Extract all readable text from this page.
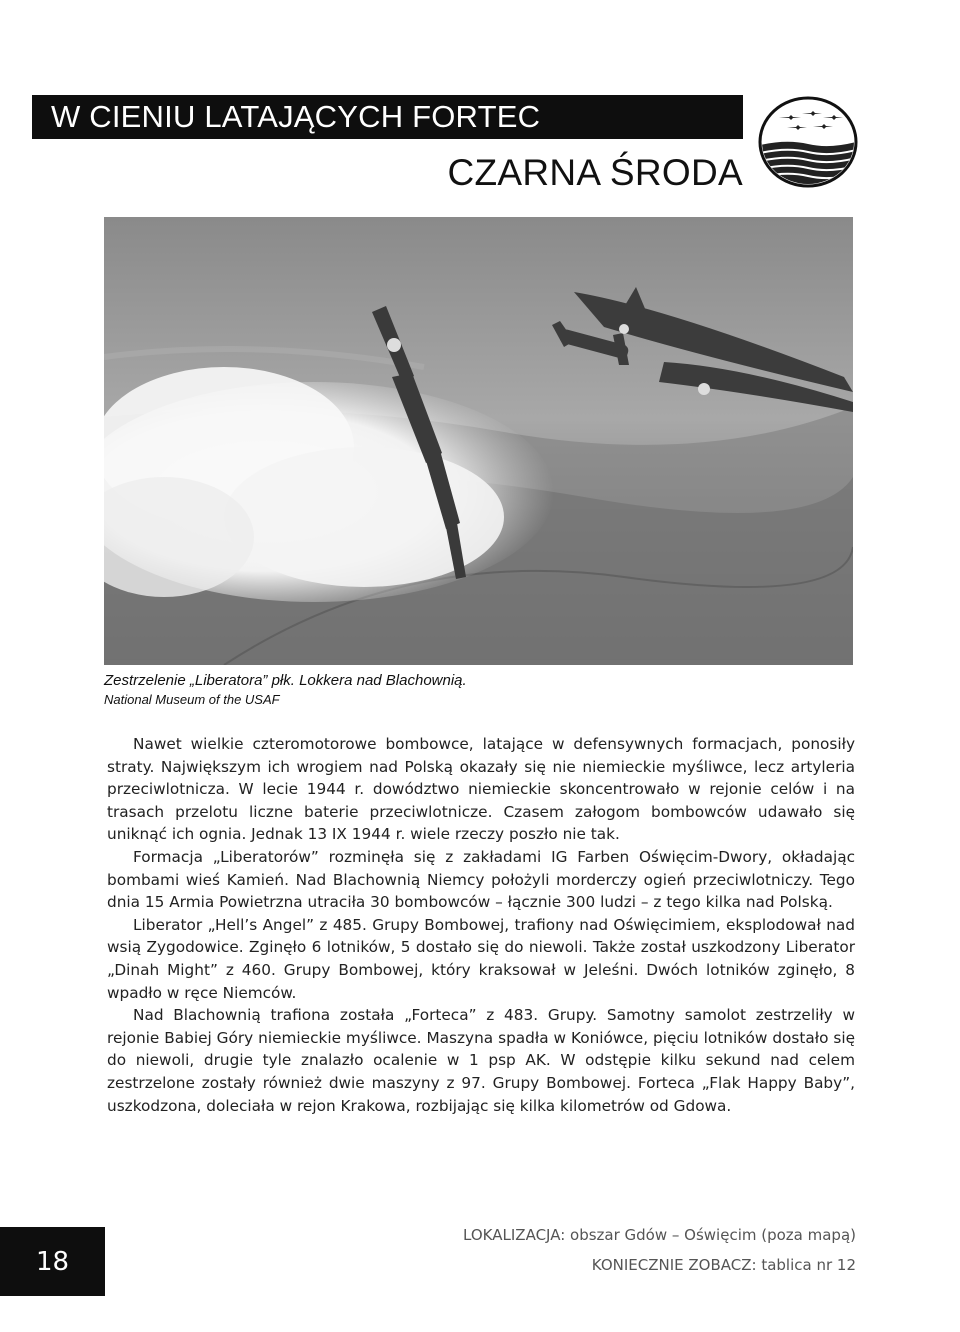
W CIENIU LATAJĄCYCH FORTEC
CZARNA ŚRODA
Zestrzelenie „Liberatora” płk. Lokkera nad Blachownią.
National Museum of the USAF

Nawet wielkie czteromotorowe bombowce, latające w defensywnych formacjach, ponosiły straty. Największym ich wrogiem nad Polską okazały się nie niemieckie myśliwce, lecz artyleria przeciwlotnicza. W lecie 1944 r. dowództwo niemieckie skoncentrowało w rejonie celów i na trasach przelotu liczne baterie przeciwlotnicze. Czasem załogom bombowców udawało się uniknąć ich ognia. Jednak 13 IX 1944 r. wiele rzeczy poszło nie tak.

Formacja „Liberatorów” rozminęła się z zakładami IG Farben Oświęcim-Dwory, okładając bombami wieś Kamień. Nad Blachownią Niemcy położyli morderczy ogień przeciwlotniczy. Tego dnia 15 Armia Powietrzna utraciła 30 bombowców – łącznie 300 ludzi – z tego kilka nad Polską.

Liberator „Hell’s Angel” z 485. Grupy Bombowej, trafiony nad Oświęcimiem, eksplodował nad wsią Zygodowice. Zginęło 6 lotników, 5 dostało się do niewoli. Także został uszkodzony Liberator „Dinah Might” z 460. Grupy Bombowej, który kraksował w Jeleśni. Dwóch lotników zginęło, 8 wpadło w ręce Niemców.

Nad Blachownią trafiona została „Forteca” z 483. Grupy. Samotny samolot zestrzeliły w rejonie Babiej Góry niemieckie myśliwce. Maszyna spadła w Koniówce, pięciu lotników dostało się do niewoli, drugie tyle znalazło ocalenie w 1 psp AK. W odstępie kilku sekund nad celem zestrzelone zostały również dwie maszyny z 97. Grupy Bombowej. Forteca „Flak Happy Baby”, uszkodzona, doleciała w rejon Krakowa, rozbijając się kilka kilometrów od Gdowa.

18
LOKALIZACJA: obszar Gdów – Oświęcim (poza mapą)
KONIECZNIE ZOBACZ: tablica nr 12
